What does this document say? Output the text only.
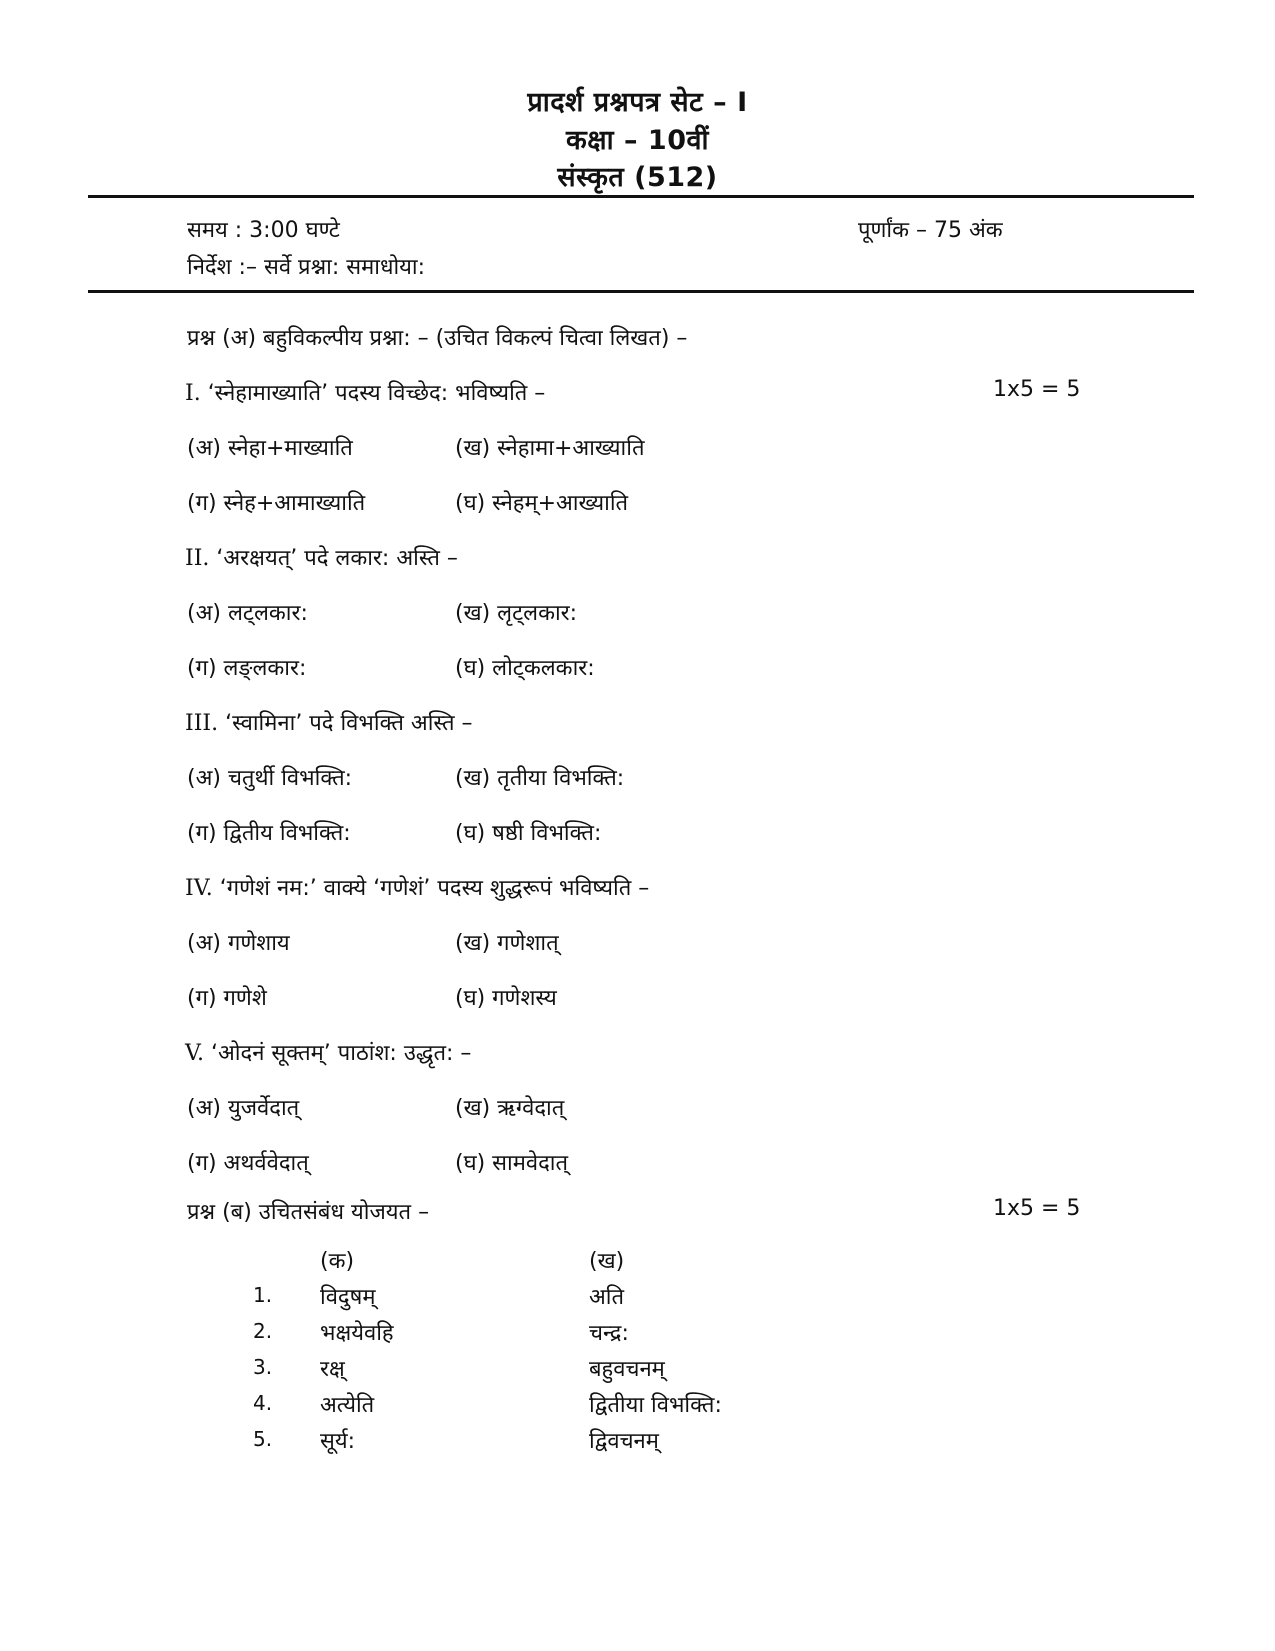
प्रादर्श प्रश्नपत्र सेट – I
कक्षा – 10वीं
संस्कृत (512)
समय : 3:00 घण्टे	पूर्णांक – 75 अंक
निर्देश :– सर्वे प्रश्ना: समाधोया:
प्रश्न (अ) बहुविकल्पीय प्रश्ना: – (उचित विकल्पं चित्वा लिखत) –
I. ‘स्नेहामाख्याति’ पदस्य विच्छेद: भविष्यति –	1x5 = 5
(अ) स्नेहा+माख्याति	(ख) स्नेहामा+आख्याति
(ग) स्नेह+आमाख्याति	(घ) स्नेहम्+आख्याति
II. ‘अरक्षयत्’ पदे लकार: अस्ति –
(अ) लट्लकार:	(ख) लृट्लकार:
(ग) लङ्लकार:	(घ) लोट्कलकार:
III. ‘स्वामिना’ पदे विभक्ति अस्ति –
(अ) चतुर्थी विभक्ति:	(ख) तृतीया विभक्ति:
(ग) द्वितीय विभक्ति:	(घ) षष्ठी विभक्ति:
IV. ‘गणेशं नम:’ वाक्ये ‘गणेशं’ पदस्य शुद्धरूपं भविष्यति –
(अ) गणेशाय	(ख) गणेशात्
(ग) गणेशे	(घ) गणेशस्य
V. ‘ओदनं सूक्तम्’ पाठांश: उद्धृत: –
(अ) युजर्वेदात्	(ख) ऋग्वेदात्
(ग) अथर्ववेदात्	(घ) सामवेदात्
प्रश्न (ब) उचितसंबंध योजयत –	1x5 = 5
(क)	(ख)
1. विदुषम्	अति
2. भक्षयेवहि	चन्द्र:
3. रक्ष्	बहुवचनम्
4. अत्येति	द्वितीया विभक्ति:
5. सूर्य:	द्विवचनम्
